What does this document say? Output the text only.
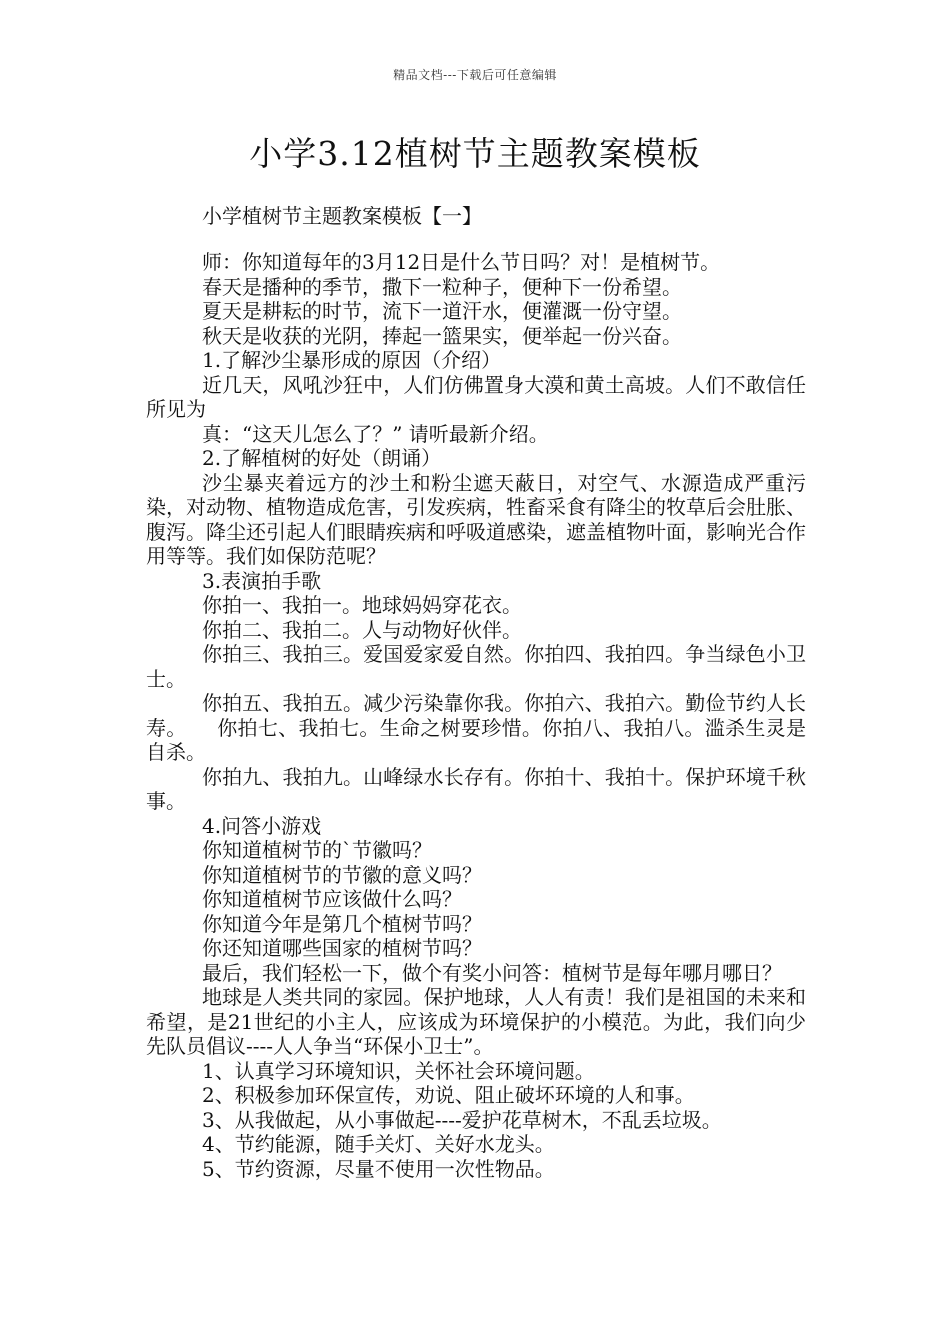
精品文档---下载后可任意编辑
小学3.12植树节主题教案模板
小学植树节主题教案模板【一】

师：你知道每年的3月12日是什么节日吗？对！是植树节。

春天是播种的季节，撒下一粒种子，便种下一份希望。

夏天是耕耘的时节，流下一道汗水，便灌溉一份守望。

秋天是收获的光阴，捧起一篮果实，便举起一份兴奋。

1.了解沙尘暴形成的原因（介绍）

近几天，风吼沙狂中，人们仿佛置身大漠和黄土高坡。人们不敢信任所见为

真：“这天儿怎么了？” 请听最新介绍。

2.了解植树的好处（朗诵）

沙尘暴夹着远方的沙土和粉尘遮天蔽日，对空气、水源造成严重污染，对动物、植物造成危害，引发疾病，牲畜采食有降尘的牧草后会肚胀、腹泻。降尘还引起人们眼睛疾病和呼吸道感染，遮盖植物叶面，影响光合作用等等。我们如保防范呢？

3.表演拍手歌

你拍一、我拍一。地球妈妈穿花衣。

你拍二、我拍二。人与动物好伙伴。

你拍三、我拍三。爱国爱家爱自然。你拍四、我拍四。争当绿色小卫士。

你拍五、我拍五。减少污染靠你我。你拍六、我拍六。勤俭节约人长寿。　　你拍七、我拍七。生命之树要珍惜。你拍八、我拍八。滥杀生灵是自杀。

你拍九、我拍九。山峰绿水长存有。你拍十、我拍十。保护环境千秋事。

4.问答小游戏

你知道植树节的`节徽吗？

你知道植树节的节徽的意义吗？

你知道植树节应该做什么吗？

你知道今年是第几个植树节吗？

你还知道哪些国家的植树节吗？

最后，我们轻松一下，做个有奖小问答：植树节是每年哪月哪日？

地球是人类共同的家园。保护地球，人人有责！我们是祖国的未来和希望，是21世纪的小主人，应该成为环境保护的小模范。为此，我们向少先队员倡议----人人争当“环保小卫士”。

1、认真学习环境知识，关怀社会环境问题。

2、积极参加环保宣传，劝说、阻止破坏环境的人和事。

3、从我做起，从小事做起----爱护花草树木，不乱丢垃圾。

4、节约能源，随手关灯、关好水龙头。

5、节约资源，尽量不使用一次性物品。
